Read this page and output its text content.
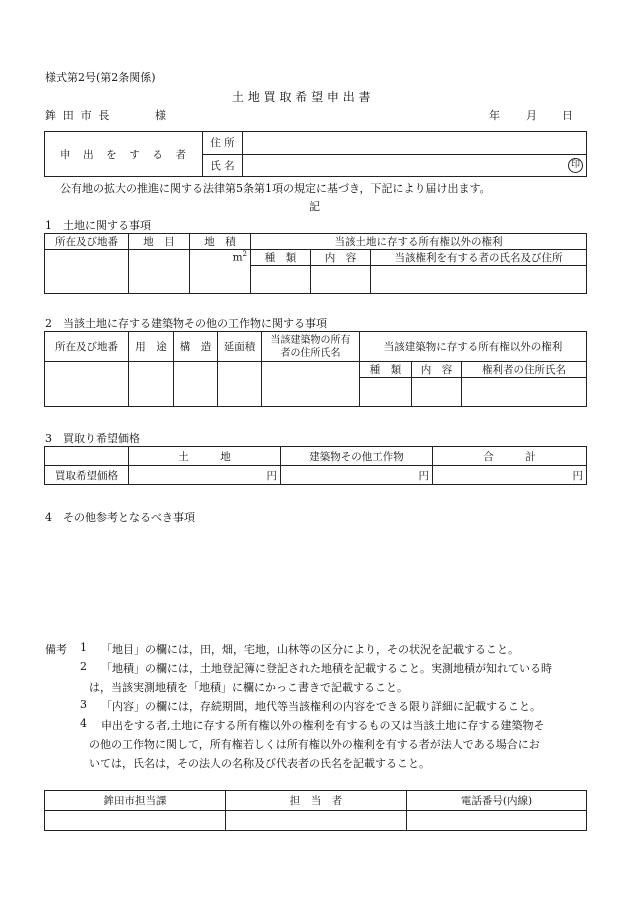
様式第2号(第2条関係)
土 地 買 取 希 望 申 出 書
鉾 田 市 長	様	年 月 日
申　出　を　す　る　者	住 所	
	氏 名	印
公有地の拡大の推進に関する法律第5条第1項の規定に基づき，下記により届け出ます。
記
1　土地に関する事項
所在及び地番	地　目	地　積	当該土地に存する所有権以外の権利		
		$m^2$	種　類	内　容	当該権利を有する者の氏名及び住所

2　当該土地に存する建築物その他の工作物に関する事項
所在及び地番	用　途	構　造	延面積	当該建築物の所有者の住所氏名	当該建築物に存する所有権以外の権利		
					種　類	内　容	権利者の住所氏名

3　買取り希望価格
	土　　　地	建築物その他工作物	合　　　計
買取希望価格	円	円	円
4　その他参考となるべき事項
備考 1 「地目」の欄には，田，畑，宅地，山林等の区分により，その状況を記載すること。
2 「地積」の欄には，土地登記簿に登記された地積を記載すること。実測地積が知れている時
は，当該実測地積を「地積」に欄にかっこ書きで記載すること。
3 「内容」の欄には，存続期間，地代等当該権利の内容をできる限り詳細に記載すること。
4 申出をする者,土地に存する所有権以外の権利を有するもの又は当該土地に存する建築物そ
の他の工作物に関して，所有権若しくは所有権以外の権利を有する者が法人である場合にお
いては，氏名は，その法人の名称及び代表者の氏名を記載すること。
鉾田市担当課	担　当　者	電話番号(内線)
